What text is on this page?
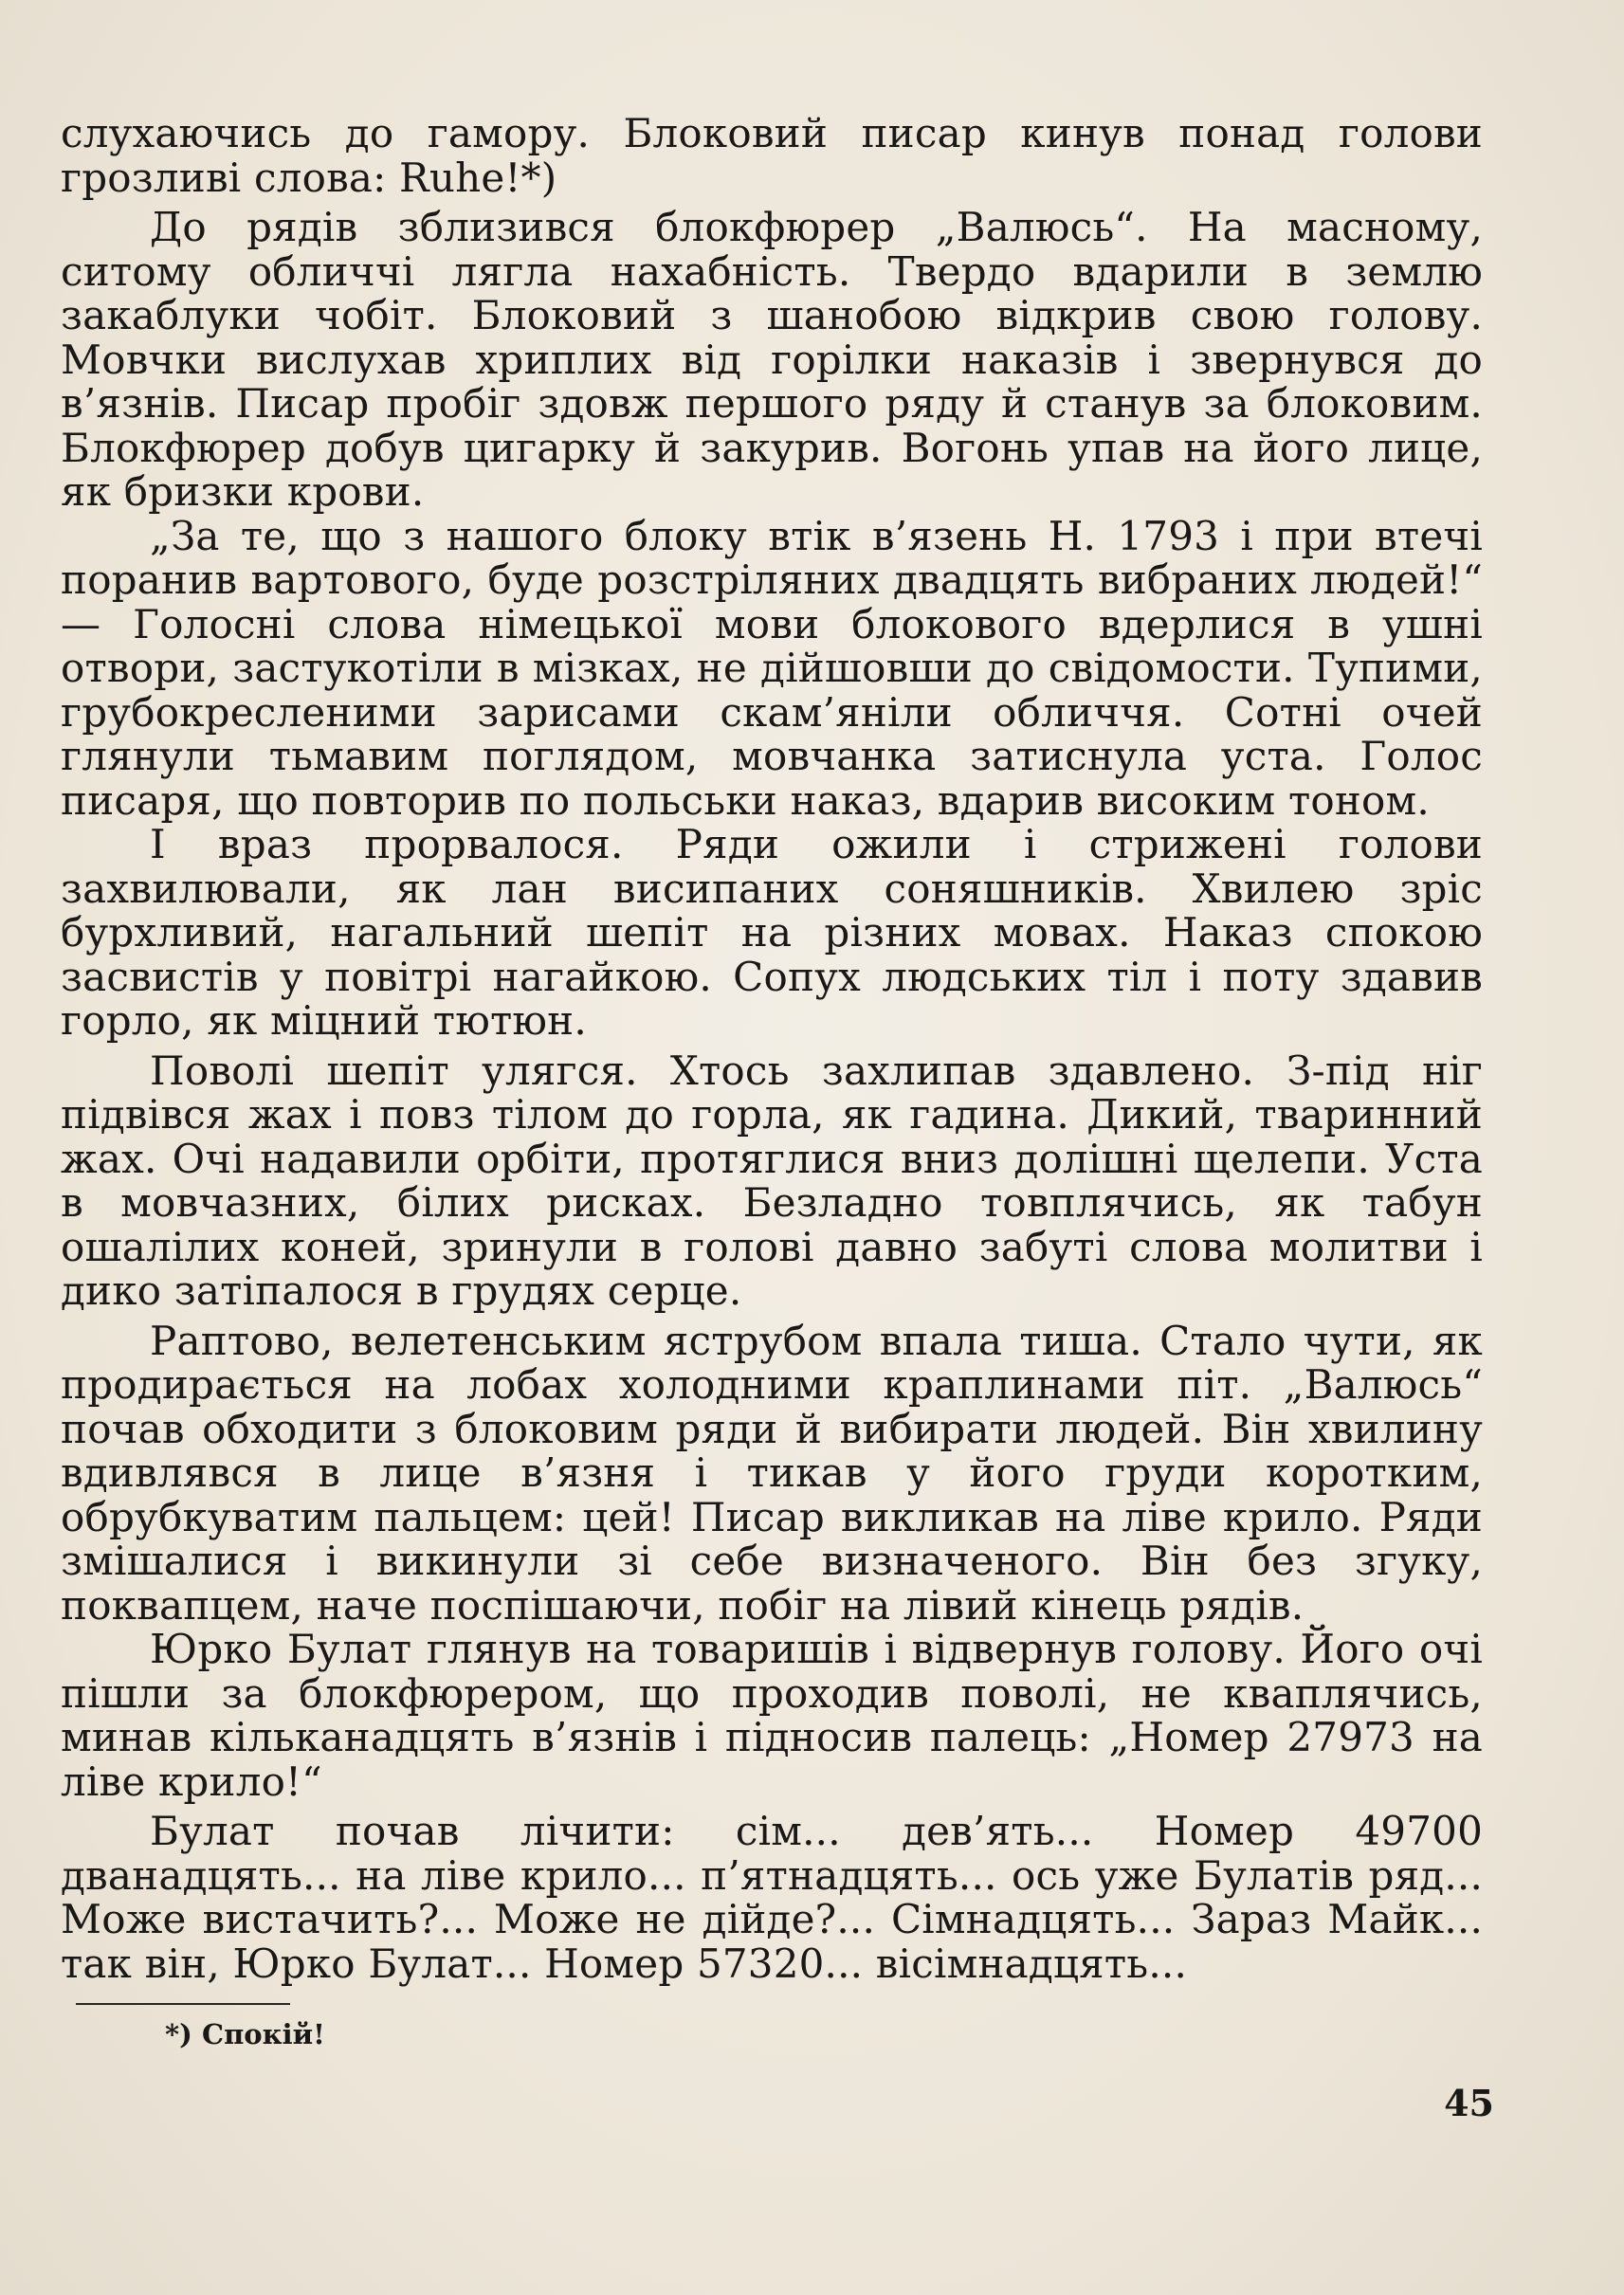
слухаючись до гамору. Блоковий писар кинув понад голови грозливі слова: Ruhe!*)

До рядів зблизився блокфюрер „Валюсь“. На масному, ситому обличчі лягла нахабність. Твердо вдарили в землю закаблуки чобіт. Блоковий з шанобою відкрив свою голову. Мовчки вислухав хриплих від горілки наказів і звернувся до в’язнів. Писар пробіг здовж першого ряду й станув за блоковим. Блокфюрер добув цигарку й закурив. Вогонь упав на його лице, як бризки крови.

„За те, що з нашого блоку втік в’язень Н. 1793 і при втечі поранив вартового, буде розстріляних двадцять вибраних людей!“ — Голосні слова німецької мови блокового вдерлися в ушні отвори, застукотіли в мізках, не дійшовши до свідомости. Тупими, грубокресленими зарисами скам’яніли обличчя. Сотні очей глянули тьмавим поглядом, мовчанка затиснула уста. Голос писаря, що повторив по польськи наказ, вдарив високим тоном.

І враз прорвалося. Ряди ожили і стрижені голови захвилювали, як лан висипаних соняшників. Хвилею зріс бурхливий, нагальний шепіт на різних мовах. Наказ спокою засвистів у повітрі нагайкою. Сопух людських тіл і поту здавив горло, як міцний тютюн.

Поволі шепіт улягся. Хтось захлипав здавлено. З-під ніг підвівся жах і повз тілом до горла, як гадина. Дикий, тваринний жах. Очі надавили орбіти, протяглися вниз долішні щелепи. Уста в мовчазних, білих рисках. Безладно товплячись, як табун ошалілих коней, зринули в голові давно забуті слова молитви і дико затіпалося в грудях серце.

Раптово, велетенським яструбом впала тиша. Стало чути, як продирається на лобах холодними краплинами піт. „Валюсь“ почав обходити з блоковим ряди й вибирати людей. Він хвилину вдивлявся в лице в’язня і тикав у його груди коротким, обрубкуватим пальцем: цей! Писар викликав на ліве крило. Ряди змішалися і викинули зі себе визначеного. Він без згуку, поквапцем, наче поспішаючи, побіг на лівий кінець рядів.

Юрко Булат глянув на товаришів і відвернув голову. Його очі пішли за блокфюрером, що проходив поволі, не кваплячись, минав кільканадцять в’язнів і підносив палець: „Номер 27973 на ліве крило!“

Булат почав лічити: сім... дев’ять... Номер 49700 дванадцять... на ліве крило... п’ятнадцять... ось уже Булатів ряд... Може вистачить?... Може не дійде?... Сімнадцять... Зараз Майк... так він, Юрко Булат... Номер 57320... вісімнадцять...

*) Спокій!
45
